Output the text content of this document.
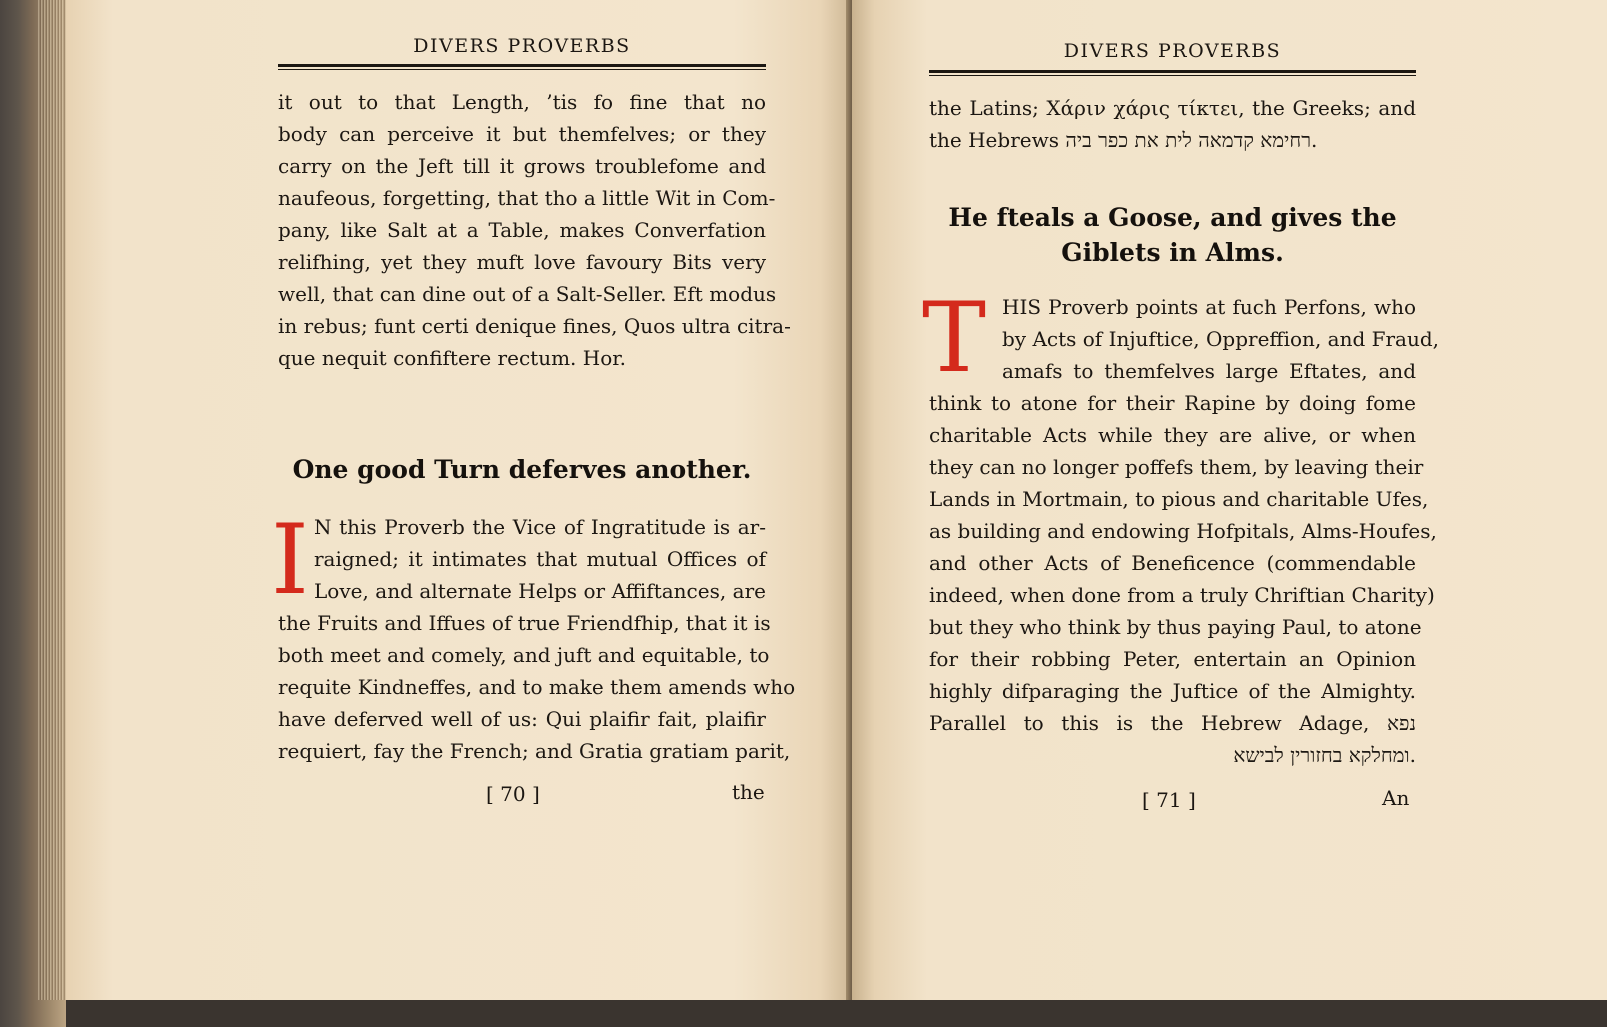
DIVERS PROVERBS
it out to that Length, ’tis fo fine that no
body can perceive it but themfelves; or they
carry on the Jeft till it grows troublefome and
naufeous, forgetting, that tho a little Wit in Com-
pany, like Salt at a Table, makes Converfation
relifhing, yet they muft love favoury Bits very
well, that can dine out of a Salt-Seller. Eft modus
in rebus; funt certi denique fines, Quos ultra citra-
que nequit confiftere rectum. Hor.
One good Turn deferves another.
I N this Proverb the Vice of Ingratitude is ar-
raigned; it intimates that mutual Offices of
Love, and alternate Helps or Affiftances, are
the Fruits and Iffues of true Friendfhip, that it is
both meet and comely, and juft and equitable, to
requite Kindneffes, and to make them amends who
have deferved well of us: Qui plaifir fait, plaifir
requiert, fay the French; and Gratia gratiam parit,
[ 70 ]	the
DIVERS PROVERBS
the Latins; Χάριν χάρις τίκτει, the Greeks; and
the Hebrews רחימא קדמאה לית את כפר ביה.
He fteals a Goose, and gives the
Giblets in Alms.
T HIS Proverb points at fuch Perfons, who
by Acts of Injuftice, Oppreffion, and Fraud,
amafs to themfelves large Eftates, and
think to atone for their Rapine by doing fome
charitable Acts while they are alive, or when
they can no longer poffefs them, by leaving their
Lands in Mortmain, to pious and charitable Ufes,
as building and endowing Hofpitals, Alms-Houfes,
and other Acts of Beneficence (commendable
indeed, when done from a truly Chriftian Charity)
but they who think by thus paying Paul, to atone
for their robbing Peter, entertain an Opinion
highly difparaging the Juftice of the Almighty.
Parallel to this is the Hebrew Adage, נפא
ומחלקא בחזורין לבישא.
[ 71 ]	An
